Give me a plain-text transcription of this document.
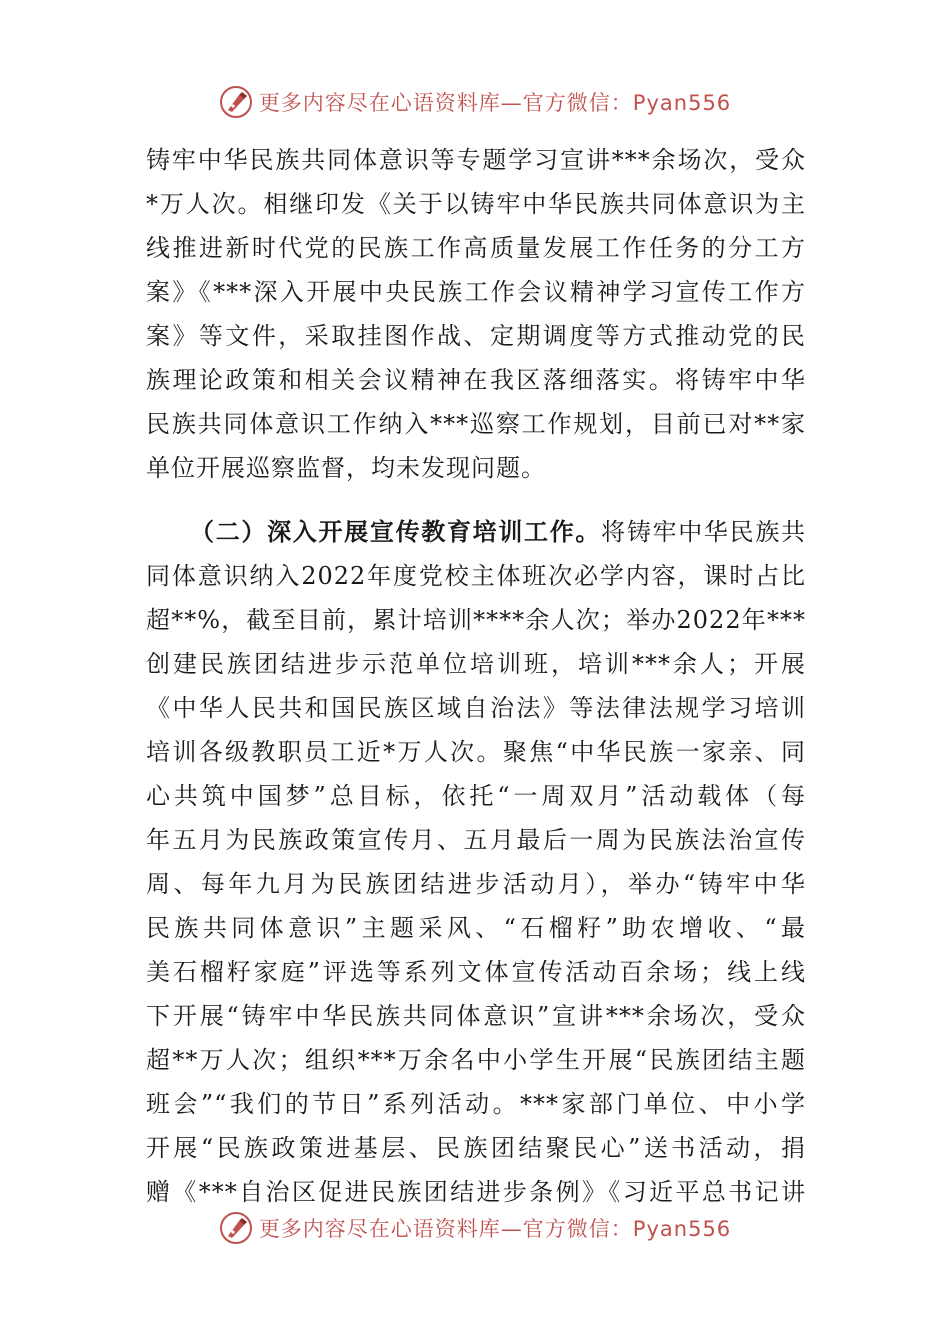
更多内容尽在心语资料库—官方微信：Pyan556
铸牢中华民族共同体意识等专题学习宣讲***余场次，受众
*万人次。相继印发《关于以铸牢中华民族共同体意识为主
线推进新时代党的民族工作高质量发展工作任务的分工方
案》《***深入开展中央民族工作会议精神学习宣传工作方
案》等文件，采取挂图作战、定期调度等方式推动党的民
族理论政策和相关会议精神在我区落细落实。将铸牢中华
民族共同体意识工作纳入***巡察工作规划，目前已对**家
单位开展巡察监督，均未发现问题。
（二）深入开展宣传教育培训工作。将铸牢中华民族共
同体意识纳入2022年度党校主体班次必学内容，课时占比
超**%，截至目前，累计培训****余人次；举办2022年***
创建民族团结进步示范单位培训班，培训***余人；开展
《中华人民共和国民族区域自治法》等法律法规学习培训
培训各级教职员工近*万人次。聚焦“中华民族一家亲、同
心共筑中国梦”总目标，依托“一周双月”活动载体（每
年五月为民族政策宣传月、五月最后一周为民族法治宣传
周、每年九月为民族团结进步活动月），举办“铸牢中华
民族共同体意识”主题采风、“石榴籽”助农增收、“最
美石榴籽家庭”评选等系列文体宣传活动百余场；线上线
下开展“铸牢中华民族共同体意识”宣讲***余场次，受众
超**万人次；组织***万余名中小学生开展“民族团结主题
班会”“我们的节日”系列活动。***家部门单位、中小学
开展“民族政策进基层、民族团结聚民心”送书活动，捐
赠《***自治区促进民族团结进步条例》《习近平总书记讲
更多内容尽在心语资料库—官方微信：Pyan556
